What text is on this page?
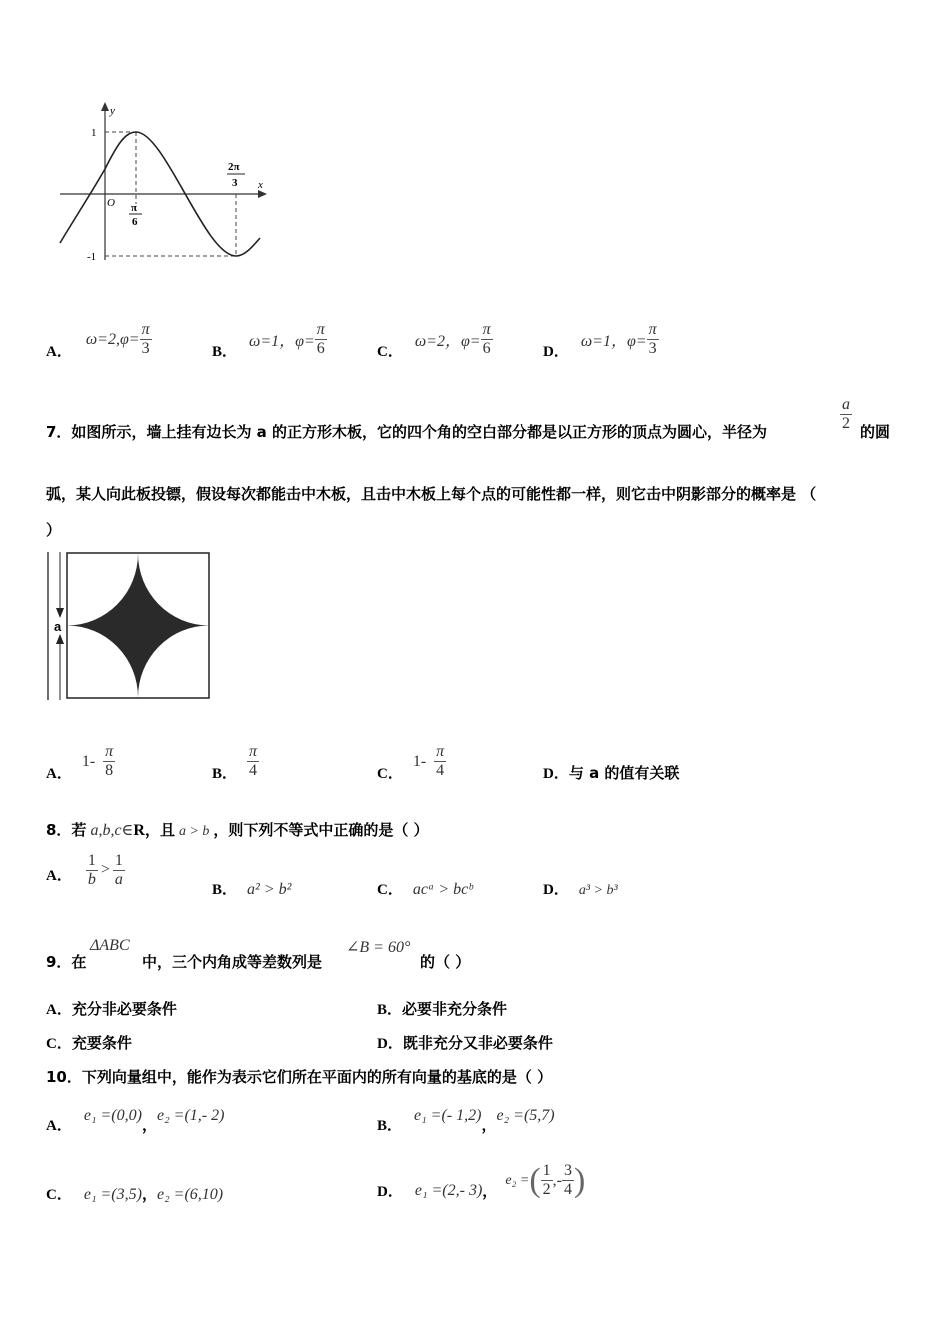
y
x
O
1
-1
π
6
2π
3
A．
$\omega=2,\varphi= \frac{\pi}{3}$	B．
ω=1，$\varphi= \frac{\pi}{6}$	C．
ω=2，$\varphi= \frac{\pi}{6}$	D．
ω=1，$\varphi= \frac{\pi}{3}$
7．如图所示，墙上挂有边长为 a 的正方形木板，它的四个角的空白部分都是以正方形的顶点为圆心，半径为	$\frac{a}{2}$ 的圆
弧，某人向此板投镖，假设每次都能击中木板，且击中木板上每个点的可能性都一样，则它击中阴影部分的概率是 （
）
a
A．
$1- \frac{\pi}{8}$	B． $\frac{\pi}{4}$	C．
$1- \frac{\pi}{4}$	D．与 a 的值有关联
8．若 a,b,c∈ R ，且 a > b ，则下列不等式中正确的是（ ）
A． $\frac{1}{b} > \frac{1}{a}$
B． a² > b²	C． acᵃ > bcᵇ	D． a³ > b³
9．在
ΔABC
中，三个内角成等差数列是
∠B = 60°
的（ ）
A．充分非必要条件	B．必要非充分条件
C．充要条件	D．既非充分又非必要条件
10．下列向量组中，能作为表示它们所在平面内的所有向量的基底的是（ ）
A．
e₁ =(0,0)
，
e₂ =(1,- 2)
B．
e₁ =(- 1,2)
，
e₂ =(5,7)
C． e₁ =(3,5) ， e₂ =(6,10)	D． e₁ =(2,- 3) ，
e₂ = ( $\frac{1}{2}$ ,- $\frac{3}{4}$ )
